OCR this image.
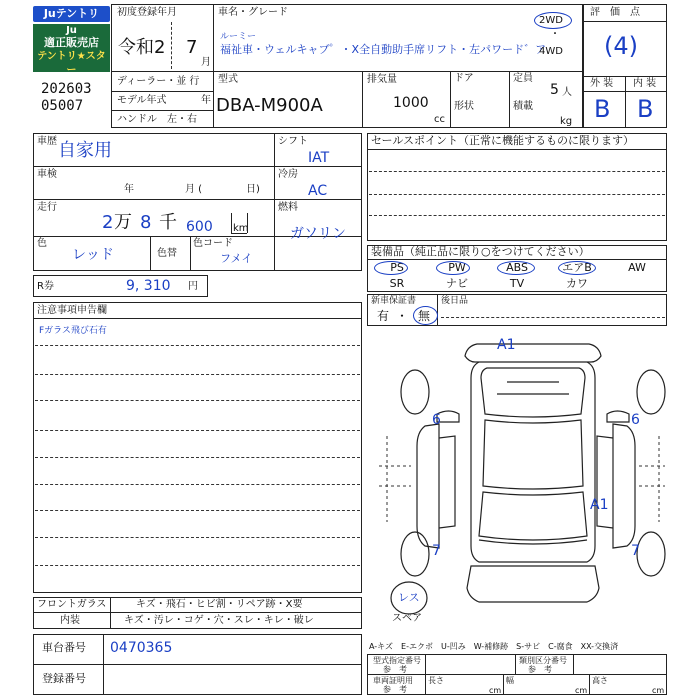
Juテントリ
Ju
適正販売店
テントリ★スター
202603
05007
初度登録年月
令和2 7
月
車名・グレード
ルーミー
福祉車・ウェルキャブ゜・X全自動助手席リフト・左パワード゛ア
2WD
・
4WD
ディーラー・並 行
モデル年式	年
ハンドル　左・右
型式
DBA-M900A
排気量
1000
cc
ドア
形状
定員
5 人
積載
kg
評　価　点
(4)
外 装 内 装
B B
車歴 自家用	シフト
IAT
車検
年	月 (	日)
冷房
AC
走行
2 万 8 千 600 km
燃料
ガソリン
色
レッド	色替
色コード
フメイ
R券	9, 310 円
注意事項申告欄
Fガラス飛び石有
フロントガラス	キズ・飛石・ヒビ割・リペア跡・X要
内装	キズ・汚レ・コゲ・穴・スレ・キレ・破レ
車台番号 0470365
登録番号
セールスポイント（正常に機能するものに限ります）
装備品（純正品に限り○をつけてください）
PS	PW	ABS	エアB	AW
SR	ナビ	TV	カワ
新車保証書
有 ・ 無
後日品
A1
6	6
A1
7	7
レス
スペア
A-キズ　E-エクボ　U-凹み　W-補修跡　S-サビ　C-腐食　XX-交換済
型式指定番号
参　考
類別区分番号
参　考
車両証明用
参　考
長さ
cm
幅
cm
高さ
cm
